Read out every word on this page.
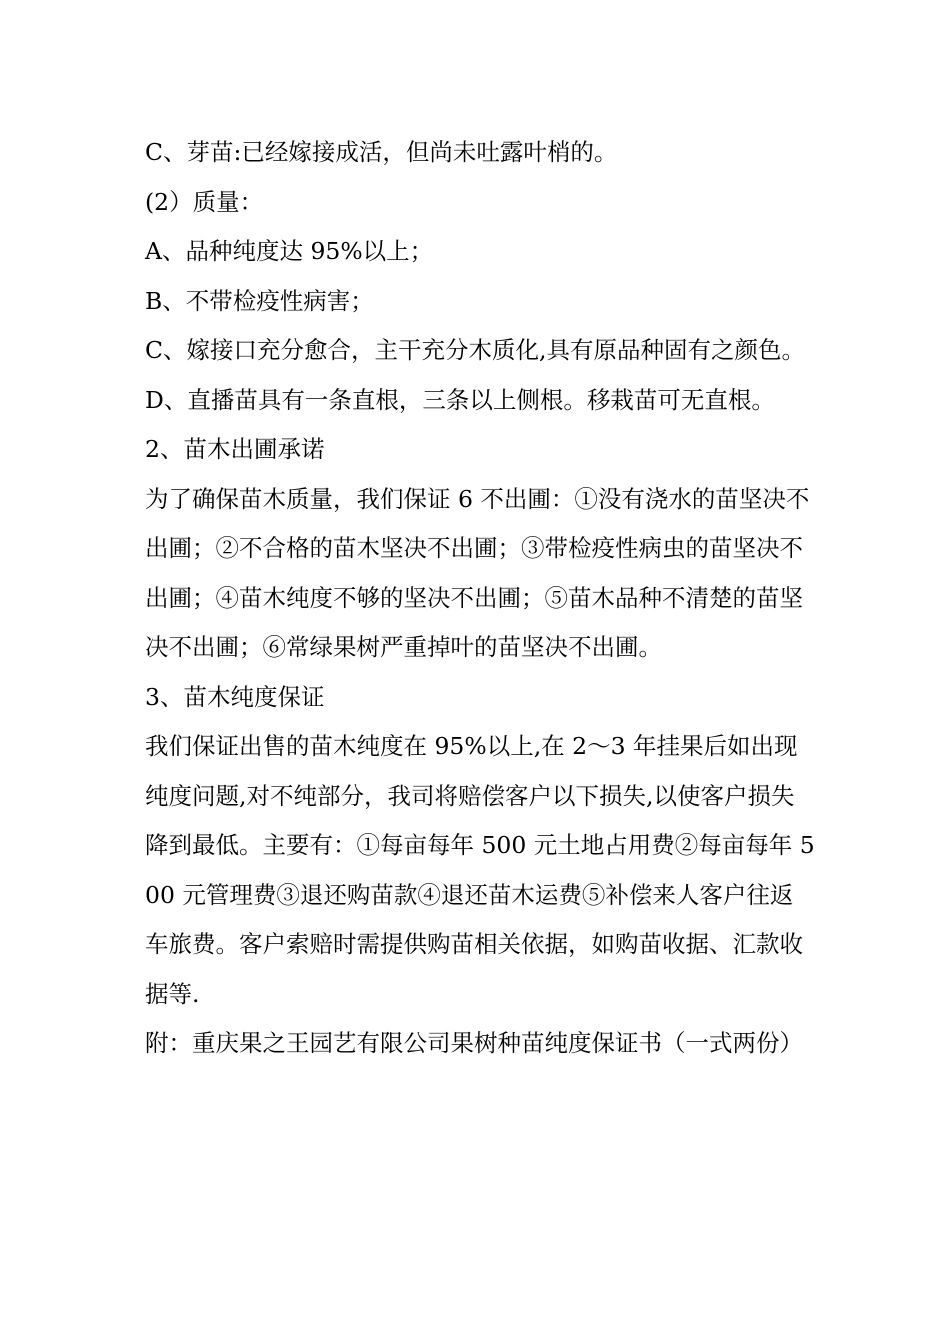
C、芽苗:已经嫁接成活，但尚未吐露叶梢的。

(2）质量：

A、品种纯度达 95%以上；

B、不带检疫性病害；

C、嫁接口充分愈合，主干充分木质化,具有原品种固有之颜色。

D、直播苗具有一条直根，三条以上侧根。移栽苗可无直根。

2、苗木出圃承诺

为了确保苗木质量，我们保证 6 不出圃：①没有浇水的苗坚决不出圃；②不合格的苗木坚决不出圃；③带检疫性病虫的苗坚决不出圃；④苗木纯度不够的坚决不出圃；⑤苗木品种不清楚的苗坚决不出圃；⑥常绿果树严重掉叶的苗坚决不出圃。

3、苗木纯度保证

我们保证出售的苗木纯度在 95%以上,在 2～3 年挂果后如出现纯度问题,对不纯部分，我司将赔偿客户以下损失,以使客户损失降到最低。主要有：①每亩每年 500 元土地占用费②每亩每年 500 元管理费③退还购苗款④退还苗木运费⑤补偿来人客户往返车旅费。客户索赔时需提供购苗相关依据，如购苗收据、汇款收据等.

附：重庆果之王园艺有限公司果树种苗纯度保证书（一式两份）
